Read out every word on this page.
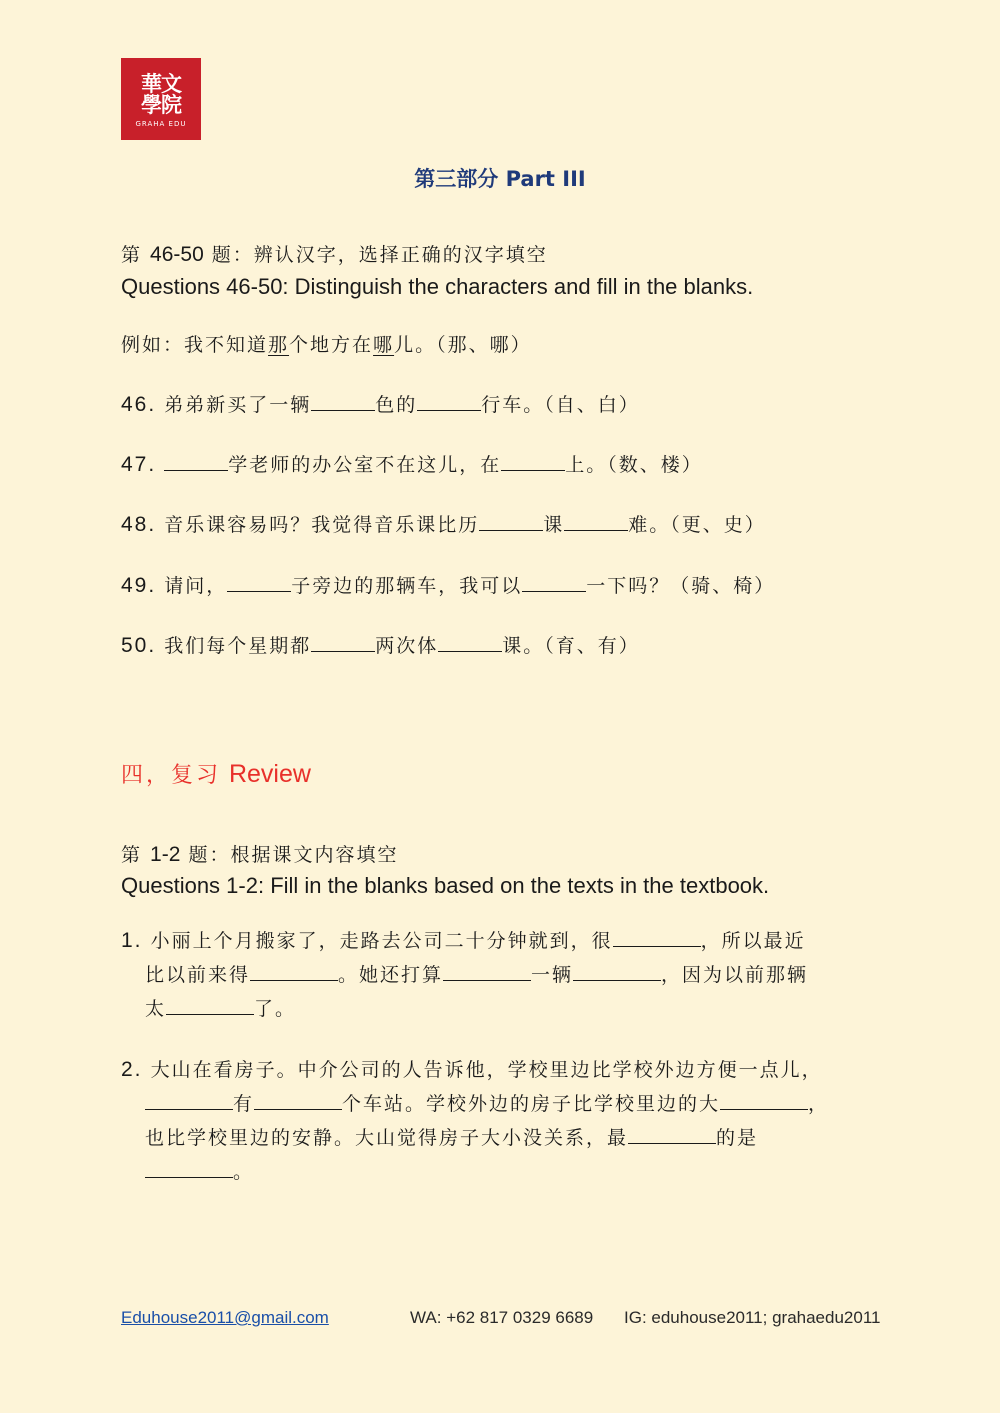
華文學院
GRAHA EDU
第三部分 Part III
第 46-50 题：辨认汉字，选择正确的汉字填空
Questions 46-50: Distinguish the characters and fill in the blanks.
例如：我不知道那个地方在哪儿。（那、哪）
46. 弟弟新买了一辆	色的	行车。（自、白）
47.	学老师的办公室不在这儿，在	上。（数、楼）
48. 音乐课容易吗？我觉得音乐课比历	课	难。（更、史）
49. 请问，	子旁边的那辆车，我可以	一下吗？（骑、椅）
50. 我们每个星期都	两次体	课。（育、有）
四，复习 Review
第 1-2 题：根据课文内容填空
Questions 1-2: Fill in the blanks based on the texts in the textbook.
1. 小丽上个月搬家了，走路去公司二十分钟就到，很	，所以最近
比以前来得	。她还打算	一辆	，因为以前那辆
太	了。
2. 大山在看房子。中介公司的人告诉他，学校里边比学校外边方便一点儿，
有	个车站。学校外边的房子比学校里边的大	，
也比学校里边的安静。大山觉得房子大小没关系，最	的是
。
Eduhouse2011@gmail.com	WA: +62 817 0329 6689 IG: eduhouse2011; grahaedu2011
